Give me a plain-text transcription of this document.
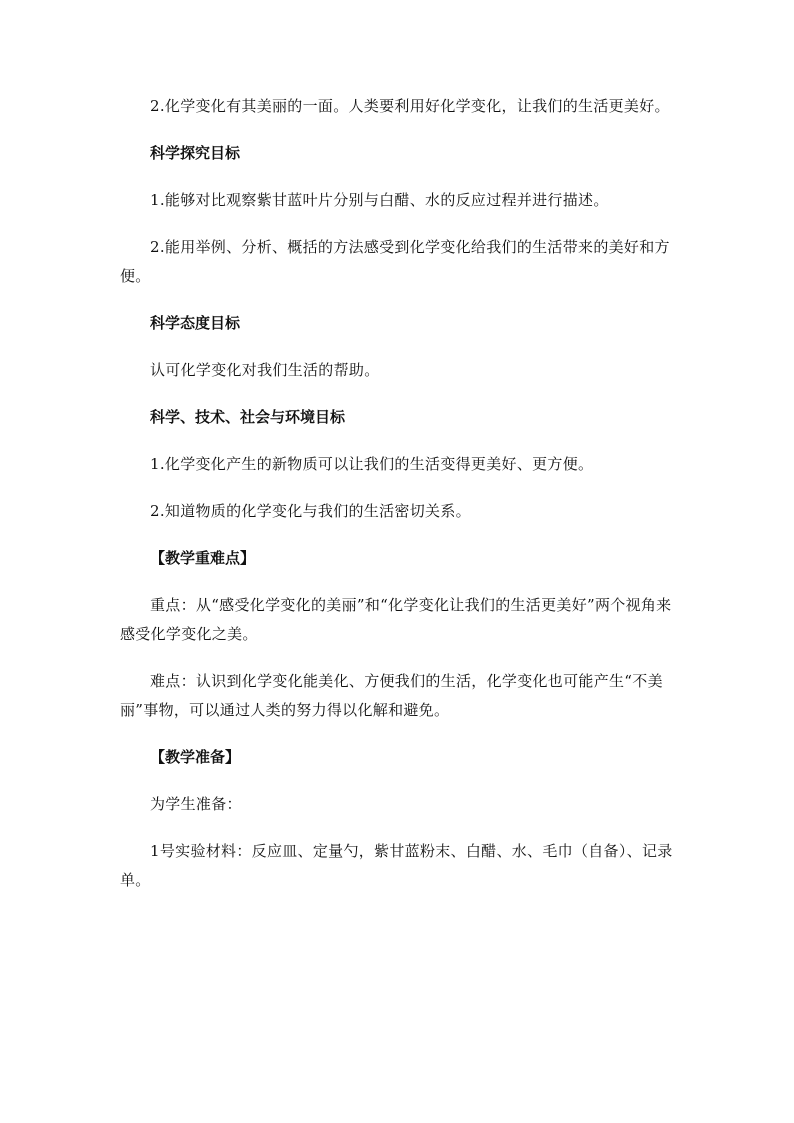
2.化学变化有其美丽的一面。人类要利用好化学变化，让我们的生活更美好。

科学探究目标

1.能够对比观察紫甘蓝叶片分别与白醋、水的反应过程并进行描述。

2.能用举例、分析、概括的方法感受到化学变化给我们的生活带来的美好和方便。

科学态度目标

认可化学变化对我们生活的帮助。

科学、技术、社会与环境目标

1.化学变化产生的新物质可以让我们的生活变得更美好、更方便。

2.知道物质的化学变化与我们的生活密切关系。

【教学重难点】

重点：从“感受化学变化的美丽”和“化学变化让我们的生活更美好”两个视角来感受化学变化之美。

难点：认识到化学变化能美化、方便我们的生活，化学变化也可能产生“不美丽”事物，可以通过人类的努力得以化解和避免。

【教学准备】

为学生准备：

1号实验材料：反应皿、定量勺，紫甘蓝粉末、白醋、水、毛巾（自备）、记录单。
